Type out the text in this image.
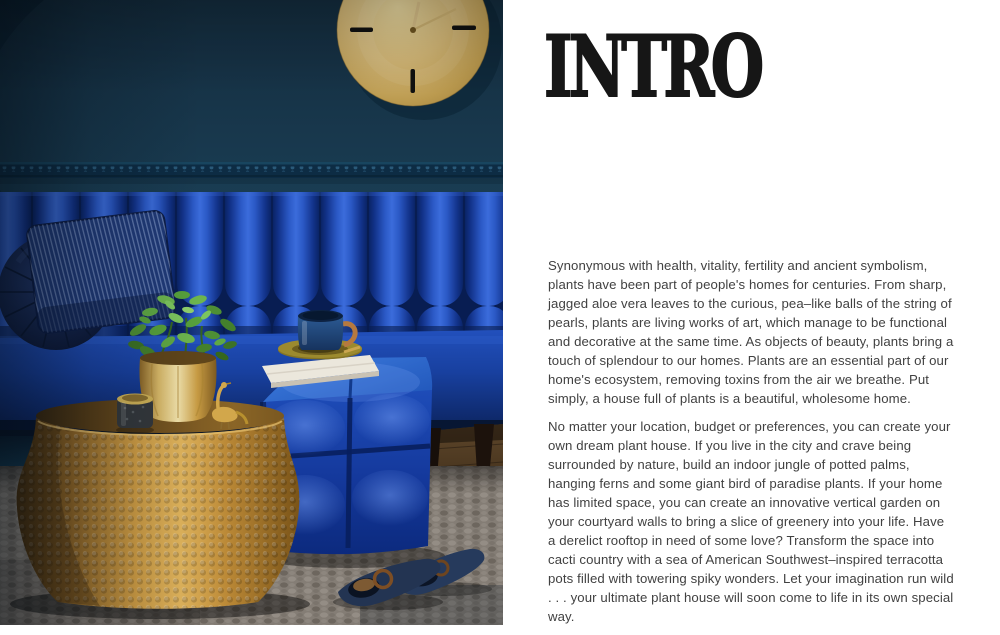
INTRO

Synonymous with health, vitality, fertility and ancient symbolism, plants have been part of people's homes for centuries. From sharp, jagged aloe vera leaves to the curious, pea–like balls of the string of pearls, plants are living works of art, which manage to be functional and decorative at the same time. As objects of beauty, plants bring a touch of splendour to our homes. Plants are an essential part of our home's ecosystem, removing toxins from the air we breathe. Put simply, a house full of plants is a beautiful, wholesome home.

No matter your location, budget or preferences, you can create your own dream plant house. If you live in the city and crave being surrounded by nature, build an indoor jungle of potted palms, hanging ferns and some giant bird of paradise plants. If your home has limited space, you can create an innovative vertical garden on your courtyard walls to bring a slice of greenery into your life. Have a derelict rooftop in need of some love? Transform the space into cacti country with a sea of American Southwest–inspired terracotta pots filled with towering spiky wonders. Let your imagination run wild . . . your ultimate plant house will soon come to life in its own special way.
